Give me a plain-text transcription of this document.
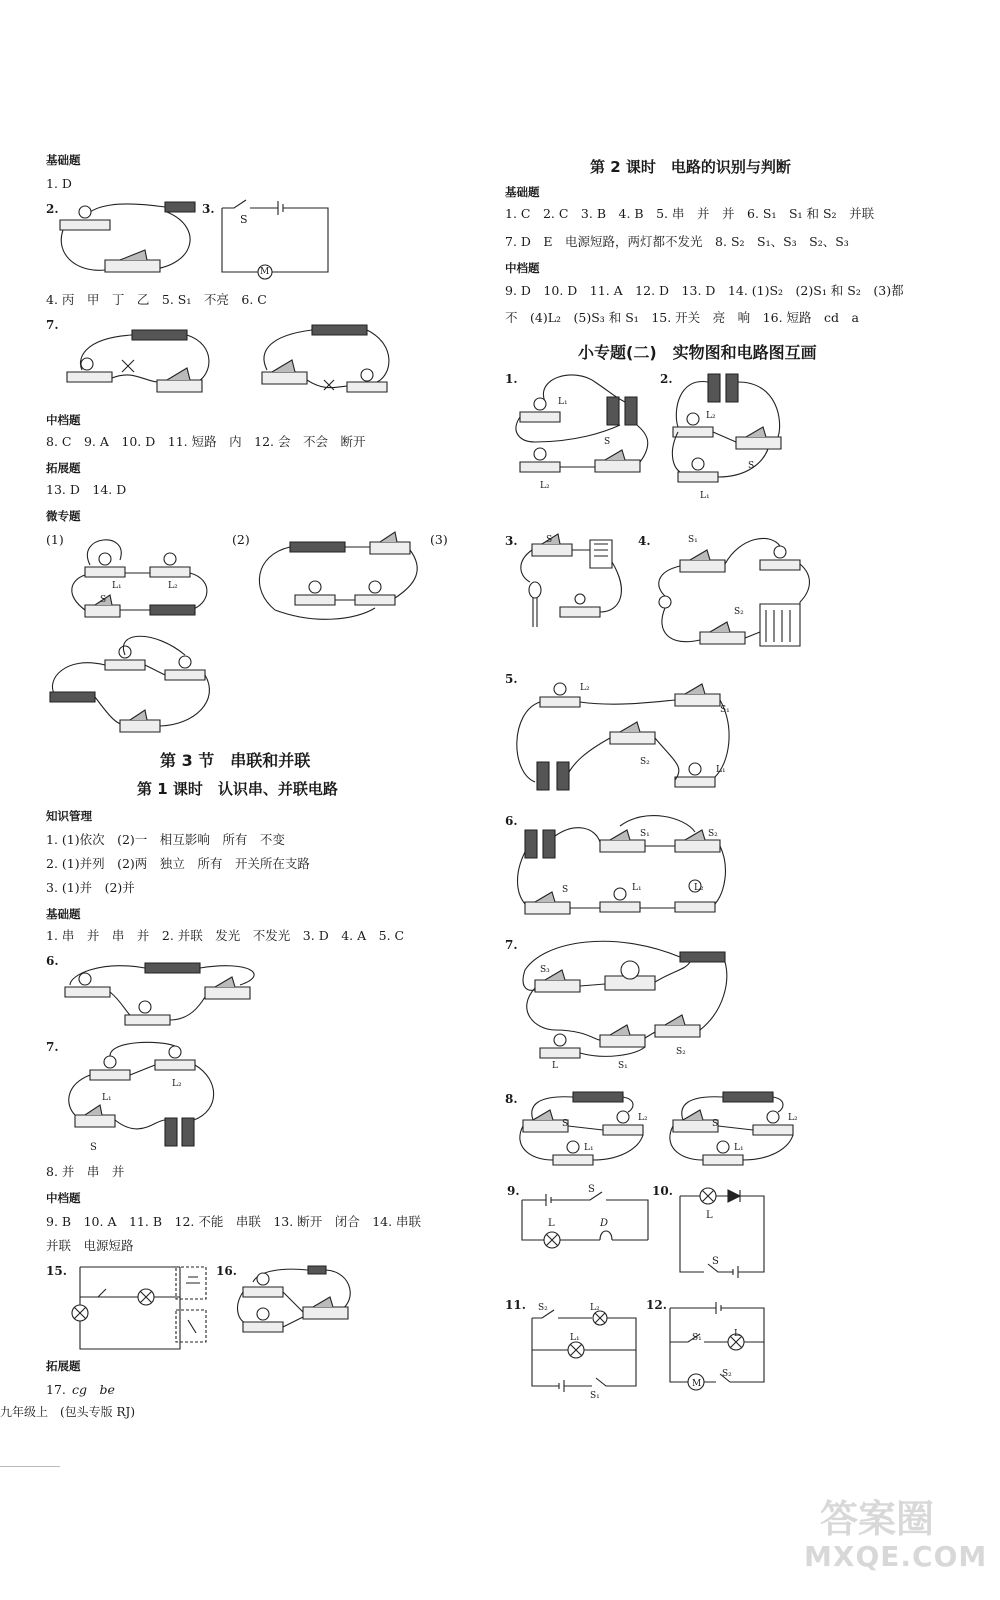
基础题
1. D
2.	3.
S
M
4. 丙　甲　丁　乙　5. S₁　不亮　6. C
7.
中档题
8. C　9. A　10. D　11. 短路　内　12. 会　不会　断开
拓展题
13. D　14. D
微专题
(1)	(2)	(3)
L₁	L₂
S
第 3 节　串联和并联
第 1 课时　认识串、并联电路
知识管理
1. (1)依次　(2)一　相互影响　所有　不变
2. (1)并列　(2)两　独立　所有　开关所在支路
3. (1)并　(2)并
基础题
1. 串　并　串　并　2. 并联　发光　不发光　3. D　4. A　5. C
6.
7.
L₁
L₂
S
8. 并　串　并
中档题
9. B　10. A　11. B　12. 不能　串联　13. 断开　闭合　14. 串联
并联　电源短路
15.	16.
拓展题
17. cg　be
九年级上　(包头专版 RJ)
第 2 课时　电路的识别与判断
基础题
1. C　2. C　3. B　4. B　5. 串　并　并　6. S₁　S₁ 和 S₂　并联
7. D　E　电源短路，两灯都不发光　8. S₂　S₁、S₃　S₂、S₃
中档题
9. D　10. D　11. A　12. D　13. D　14. (1)S₂　(2)S₁ 和 S₂　(3)都
不　(4)L₂　(5)S₃ 和 S₁　15. 开关　亮　响　16. 短路　cd　a
小专题(二)　实物图和电路图互画
1.
L₁
S
L₂
2.
L₂
S
L₁
3.	S	4.	S₁
S₂
5.
L₂
S₁
S₂
L₁
6.
S₁	S₂
S	L₁	L₂
7.
S₃
L	S₁
S₂
8.
S
L₂
L₁
S
L₂
L₁
9.	S
L	D
10.
L
S
11. S₂	L₂
L₁
S₁
12.
S₁	L
M
S₂
答案圈
MXQE.COM
